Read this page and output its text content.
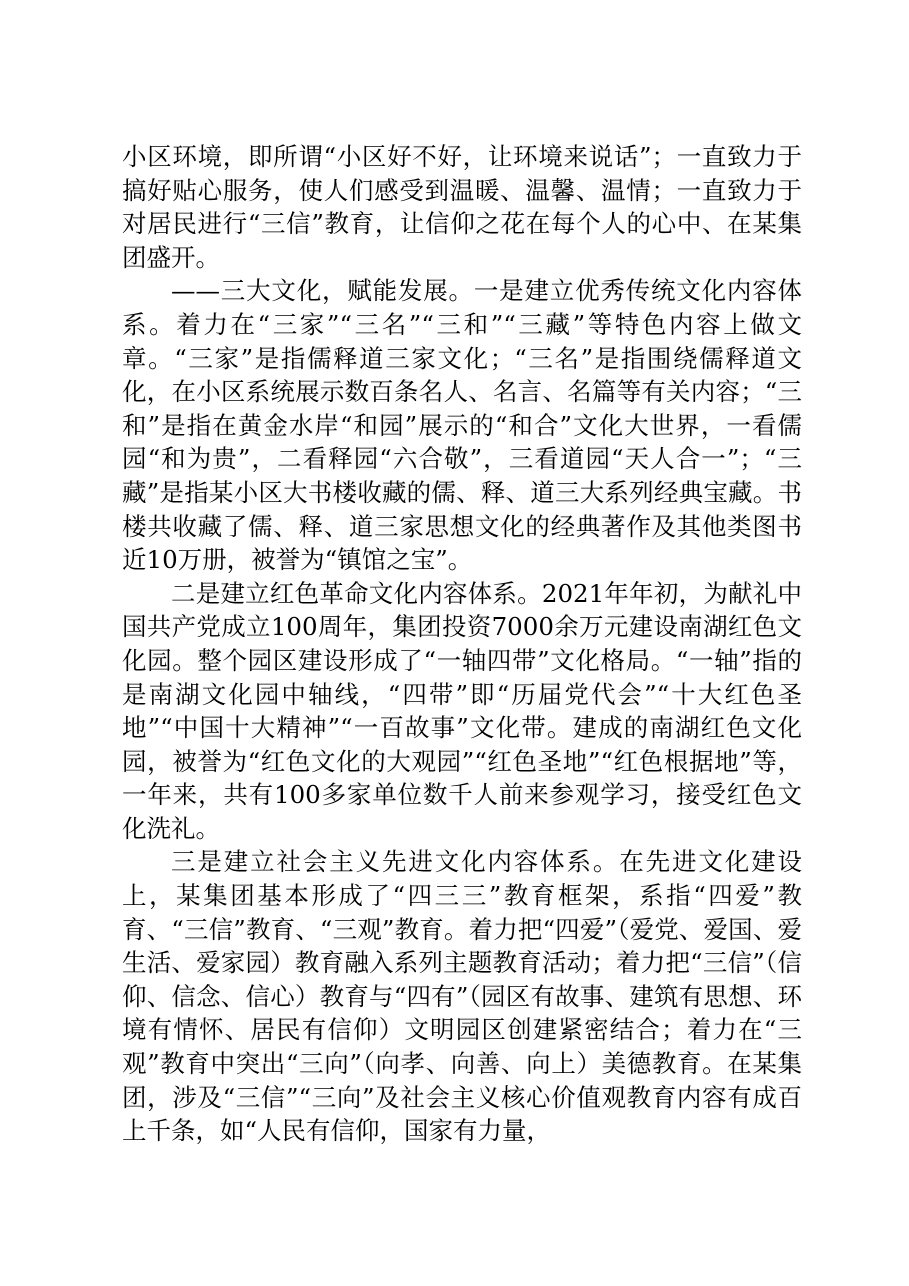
小区环境，即所谓“小区好不好，让环境来说话”；一直致力于搞好贴心服务，使人们感受到温暖、温馨、温情；一直致力于对居民进行“三信”教育，让信仰之花在每个人的心中、在某集团盛开。

——三大文化，赋能发展。一是建立优秀传统文化内容体系。着力在“三家”“三名”“三和”“三藏”等特色内容上做文章。“三家”是指儒释道三家文化；“三名”是指围绕儒释道文化，在小区系统展示数百条名人、名言、名篇等有关内容；“三和”是指在黄金水岸“和园”展示的“和合”文化大世界，一看儒园“和为贵”，二看释园“六合敬”，三看道园“天人合一”；“三藏”是指某小区大书楼收藏的儒、释、道三大系列经典宝藏。书楼共收藏了儒、释、道三家思想文化的经典著作及其他类图书近10万册，被誉为“镇馆之宝”。

二是建立红色革命文化内容体系。2021年年初，为献礼中国共产党成立100周年，集团投资7000余万元建设南湖红色文化园。整个园区建设形成了“一轴四带”文化格局。“一轴”指的是南湖文化园中轴线，“四带”即“历届党代会”“十大红色圣地”“中国十大精神”“一百故事”文化带。建成的南湖红色文化园，被誉为“红色文化的大观园”“红色圣地”“红色根据地”等，一年来，共有100多家单位数千人前来参观学习，接受红色文化洗礼。

三是建立社会主义先进文化内容体系。在先进文化建设上，某集团基本形成了“四三三”教育框架，系指“四爱”教育、“三信”教育、“三观”教育。着力把“四爱”（爱党、爱国、爱生活、爱家园）教育融入系列主题教育活动；着力把“三信”（信仰、信念、信心）教育与“四有”（园区有故事、建筑有思想、环境有情怀、居民有信仰）文明园区创建紧密结合；着力在“三观”教育中突出“三向”（向孝、向善、向上）美德教育。在某集团，涉及“三信”“三向”及社会主义核心价值观教育内容有成百上千条，如“人民有信仰，国家有力量，
